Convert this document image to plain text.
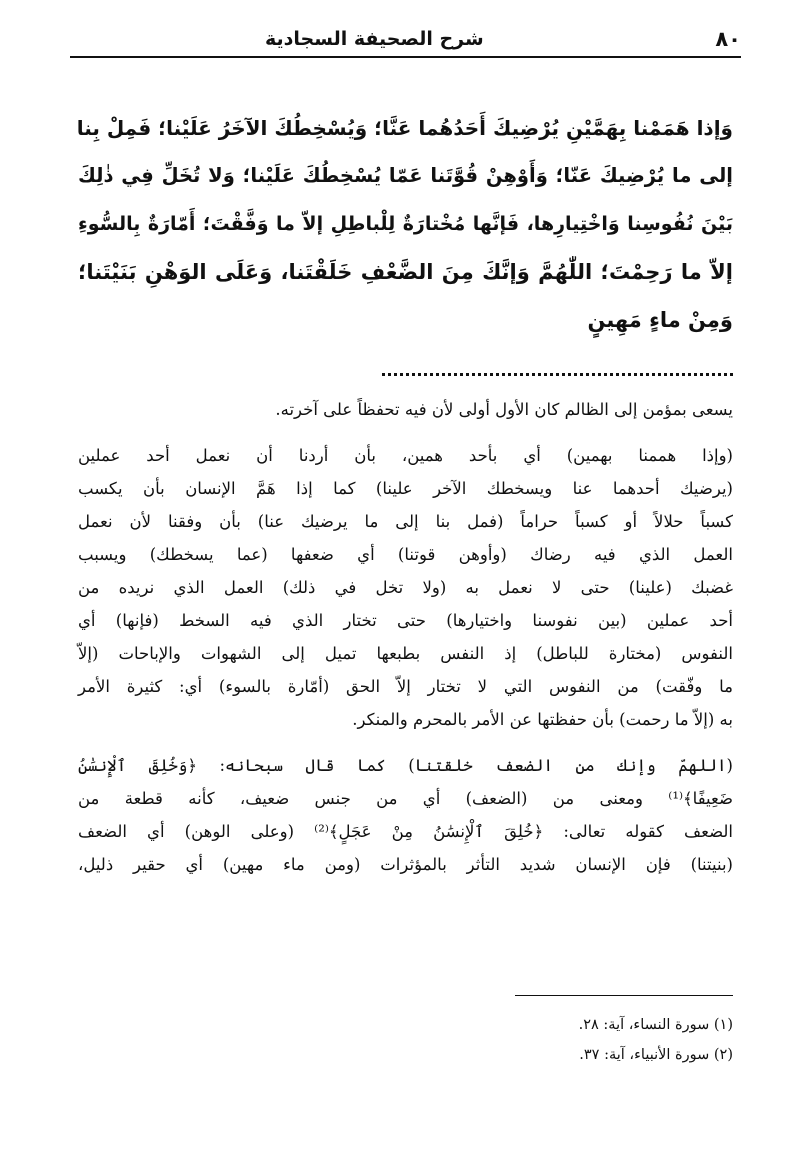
٨٠
شرح الصحيفة السجادية
وَإذا هَمَمْنا بِهَمَّيْنِ يُرْضِيكَ أَحَدُهُما عَنَّا؛ وَيُسْخِطُكَ الآخَرُ عَلَيْنا؛ فَمِلْ بِنا
إلى ما يُرْضِيكَ عَنّا؛ وَأَوْهِنْ قُوَّتَنا عَمّا يُسْخِطُكَ عَلَيْنا؛ وَلا تُخَلِّ فِي ذٰلِكَ
بَيْنَ نُفُوسِنا وَاخْتِيارِها، فَإنَّها مُخْتارَةٌ لِلْباطِلِ إلاّ ما وَفَّقْتَ؛ أَمّارَةٌ بِالسُّوءِ
إلاّ ما رَحِمْتَ؛ اللّٰهُمَّ وَإنَّكَ مِنَ الضَّعْفِ خَلَقْتَنا، وَعَلَى الوَهْنِ بَنَيْتَنا؛
وَمِنْ ماءٍ مَهِينٍ
يسعى بمؤمن إلى الظالم كان الأول أولى لأن فيه تحفظاً على آخرته.
(وإذا هممنا بهمين) أي بأحد همين، بأن أردنا أن نعمل أحد عملين
(يرضيك أحدهما عنا ويسخطك الآخر علينا) كما إذا هَمَّ الإنسان بأن يكسب
كسباً حلالاً أو كسباً حراماً (فمل بنا إلى ما يرضيك عنا) بأن وفقنا لأن نعمل
العمل الذي فيه رضاك (وأوهن قوتنا) أي ضعفها (عما يسخطك) ويسبب
غضبك (علينا) حتى لا نعمل به (ولا تخل في ذلك) العمل الذي نريده من
أحد عملين (بين نفوسنا واختيارها) حتى تختار الذي فيه السخط (فإنها) أي
النفوس (مختارة للباطل) إذ النفس بطبعها تميل إلى الشهوات والإباحات (إلاّ
ما وفّقت) من النفوس التي لا تختار إلاّ الحق (أمّارة بالسوء) أي: كثيرة الأمر
به (إلاّ ما رحمت) بأن حفظتها عن الأمر بالمحرم والمنكر.
(اللهمّ وإنك من الضعف خلقتنا) كما قال سبحانه: ﴿وَخُلِقَ ٱلْإِنسَٰنُ
ضَعِيفًا﴾⁽¹⁾ ومعنى من (الضعف) أي من جنس ضعيف، كأنه قطعة من
الضعف كقوله تعالى: ﴿خُلِقَ ٱلْإِنسَٰنُ مِنْ عَجَلٍ﴾⁽²⁾ (وعلى الوهن) أي الضعف
(بنيتنا) فإن الإنسان شديد التأثر بالمؤثرات (ومن ماء مهين) أي حقير ذليل،
(١) سورة النساء، آية: ٢٨.
(٢) سورة الأنبياء، آية: ٣٧.
